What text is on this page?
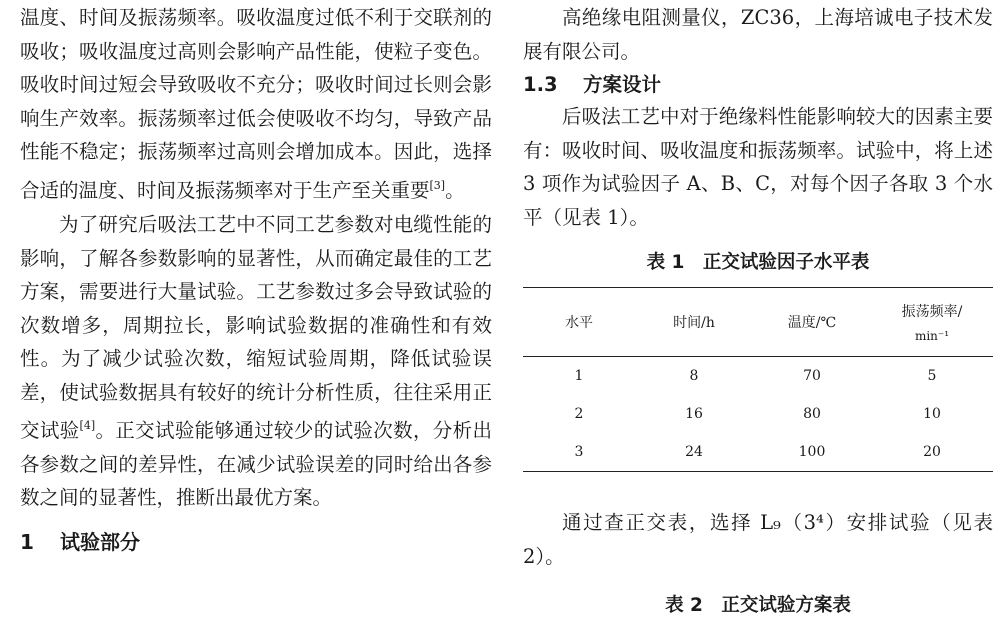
温度、时间及振荡频率。吸收温度过低不利于交联剂的吸收；吸收温度过高则会影响产品性能，使粒子变色。吸收时间过短会导致吸收不充分；吸收时间过长则会影响生产效率。振荡频率过低会使吸收不均匀，导致产品性能不稳定；振荡频率过高则会增加成本。因此，选择合适的温度、时间及振荡频率对于生产至关重要[3]。

为了研究后吸法工艺中不同工艺参数对电缆性能的影响，了解各参数影响的显著性，从而确定最佳的工艺方案，需要进行大量试验。工艺参数过多会导致试验的次数增多，周期拉长，影响试验数据的准确性和有效性。为了减少试验次数，缩短试验周期，降低试验误差，使试验数据具有较好的统计分析性质，往往采用正交试验[4]。正交试验能够通过较少的试验次数，分析出各参数之间的差异性，在减少试验误差的同时给出各参数之间的显著性，推断出最优方案。

1 试验部分

高绝缘电阻测量仪，ZC36，上海培诚电子技术发展有限公司。

1.3 方案设计

后吸法工艺中对于绝缘料性能影响较大的因素主要有：吸收时间、吸收温度和振荡频率。试验中，将上述 3 项作为试验因子 A、B、C，对每个因子各取 3 个水平（见表 1）。

表 1　正交试验因子水平表

水平	时间/h	温度/℃	振荡频率/
min⁻¹

1	8	70	5
2	16	80	10
3	24	100	20

通过查正交表，选择 L₉（3⁴）安排试验（见表 2）。

表 2　正交试验方案表
